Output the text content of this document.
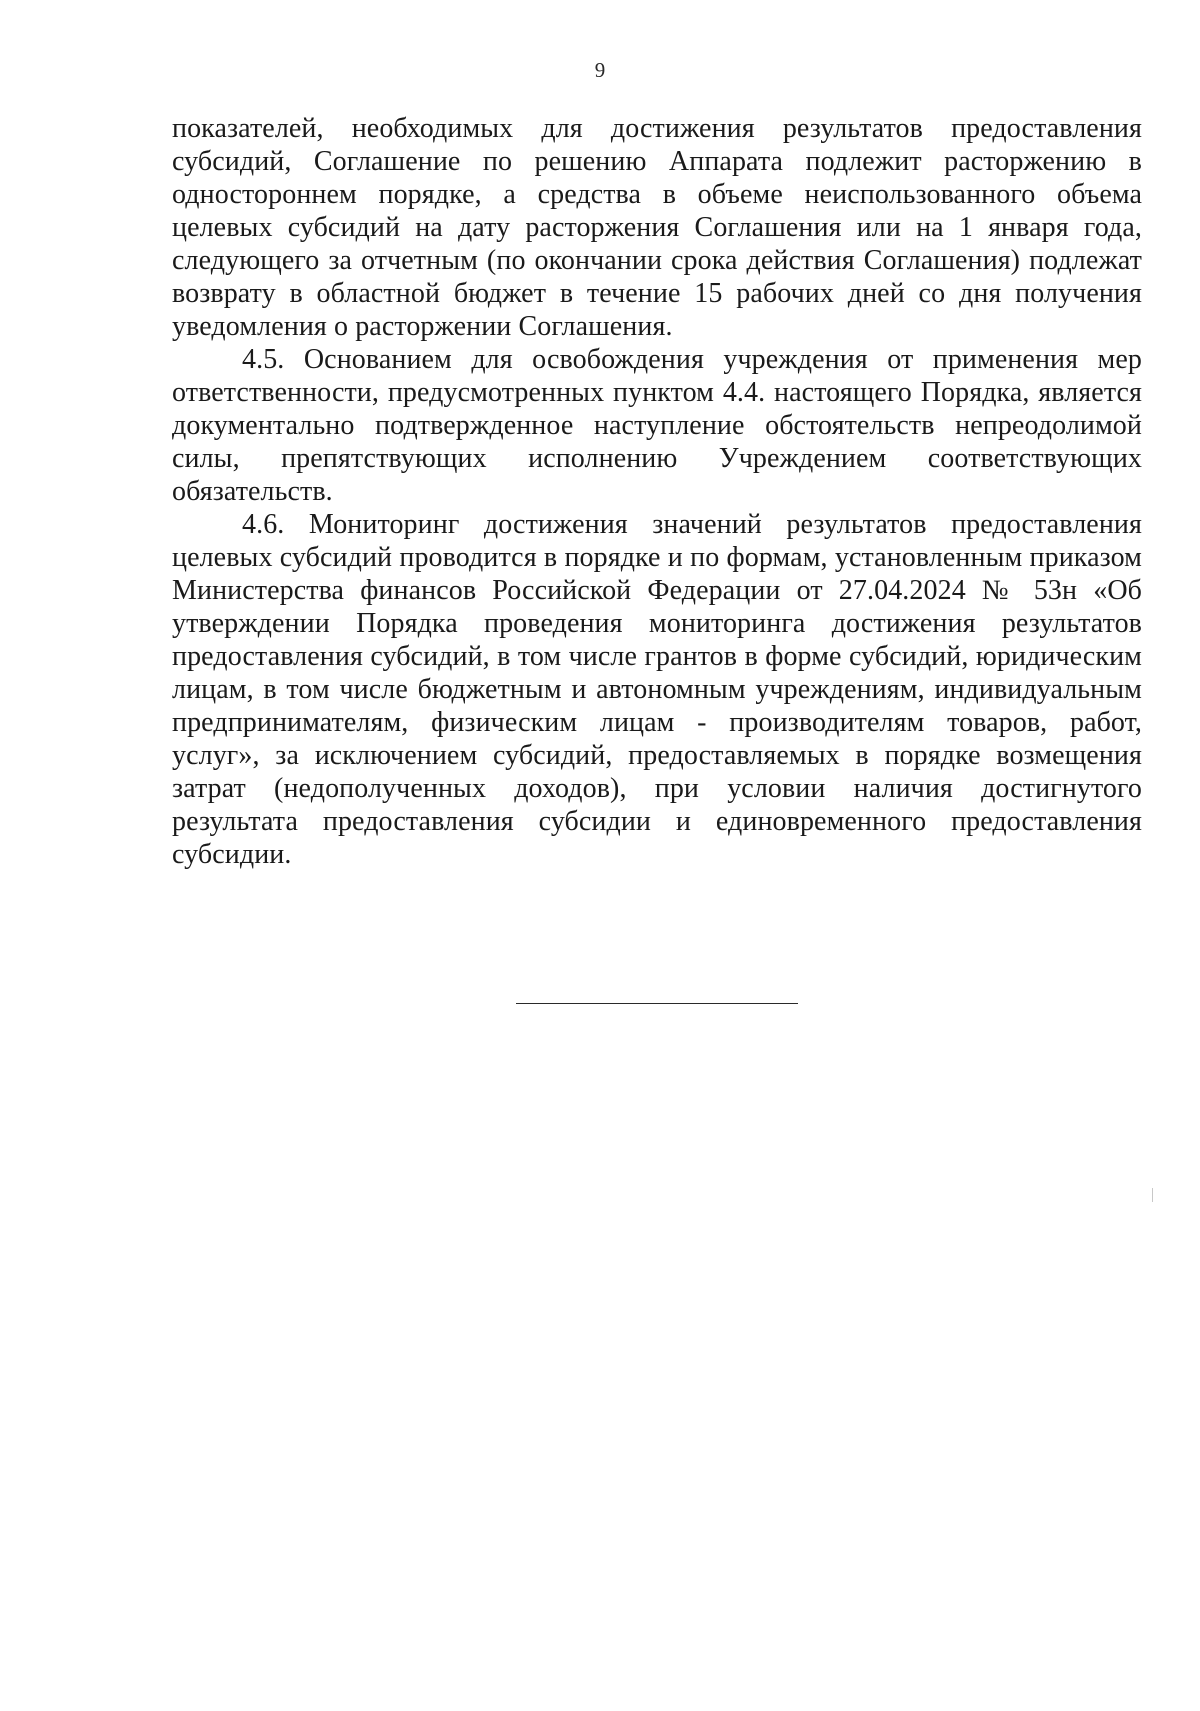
9

показателей, необходимых для достижения результатов предоставления субсидий, Соглашение по решению Аппарата подлежит расторжению в одностороннем порядке, а средства в объеме неиспользованного объема целевых субсидий на дату расторжения Соглашения или на 1 января года, следующего за отчетным (по окончании срока действия Соглашения) подлежат возврату в областной бюджет в течение 15 рабочих дней со дня получения уведомления о расторжении Соглашения.

4.5. Основанием для освобождения учреждения от применения мер ответственности, предусмотренных пунктом 4.4. настоящего Порядка, является документально подтвержденное наступление обстоятельств непреодолимой силы, препятствующих исполнению Учреждением соответствующих обязательств.

4.6. Мониторинг достижения значений результатов предоставления целевых субсидий проводится в порядке и по формам, установленным приказом Министерства финансов Российской Федерации от 27.04.2024 № 53н «Об утверждении Порядка проведения мониторинга достижения результатов предоставления субсидий, в том числе грантов в форме субсидий, юридическим лицам, в том числе бюджетным и автономным учреждениям, индивидуальным предпринимателям, физическим лицам - производителям товаров, работ, услуг», за исключением субсидий, предоставляемых в порядке возмещения затрат (недополученных доходов), при условии наличия достигнутого результата предоставления субсидии и единовременного предоставления субсидии.
